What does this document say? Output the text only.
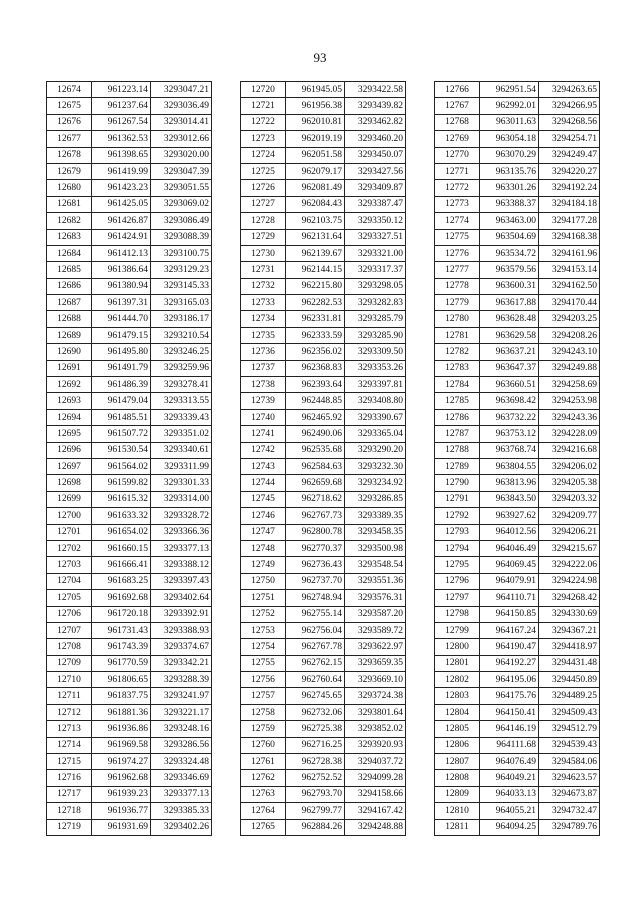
93
12674	961223.14	3293047.21
12675	961237.64	3293036.49
12676	961267.54	3293014.41
12677	961362.53	3293012.66
12678	961398.65	3293020.00
12679	961419.99	3293047.39
12680	961423.23	3293051.55
12681	961425.05	3293069.02
12682	961426.87	3293086.49
12683	961424.91	3293088.39
12684	961412.13	3293100.75
12685	961386.64	3293129.23
12686	961380.94	3293145.33
12687	961397.31	3293165.03
12688	961444.70	3293186.17
12689	961479.15	3293210.54
12690	961495.80	3293246.25
12691	961491.79	3293259.96
12692	961486.39	3293278.41
12693	961479.04	3293313.55
12694	961485.51	3293339.43
12695	961507.72	3293351.02
12696	961530.54	3293340.61
12697	961564.02	3293311.99
12698	961599.82	3293301.33
12699	961615.32	3293314.00
12700	961633.32	3293328.72
12701	961654.02	3293366.36
12702	961660.15	3293377.13
12703	961666.41	3293388.12
12704	961683.25	3293397.43
12705	961692.68	3293402.64
12706	961720.18	3293392.91
12707	961731.43	3293388.93
12708	961743.39	3293374.67
12709	961770.59	3293342.21
12710	961806.65	3293288.39
12711	961837.75	3293241.97
12712	961881.36	3293221.17
12713	961936.86	3293248.16
12714	961969.58	3293286.56
12715	961974.27	3293324.48
12716	961962.68	3293346.69
12717	961939.23	3293377.13
12718	961936.77	3293385.33
12719	961931.69	3293402.26
12720	961945.05	3293422.58
12721	961956.38	3293439.82
12722	962010.81	3293462.82
12723	962019.19	3293460.20
12724	962051.58	3293450.07
12725	962079.17	3293427.56
12726	962081.49	3293409.87
12727	962084.43	3293387.47
12728	962103.75	3293350.12
12729	962131.64	3293327.51
12730	962139.67	3293321.00
12731	962144.15	3293317.37
12732	962215.80	3293298.05
12733	962282.53	3293282.83
12734	962331.81	3293285.79
12735	962333.59	3293285.90
12736	962356.02	3293309.50
12737	962368.83	3293353.26
12738	962393.64	3293397.81
12739	962448.85	3293408.80
12740	962465.92	3293390.67
12741	962490.06	3293365.04
12742	962535.68	3293290.20
12743	962584.63	3293232.30
12744	962659.68	3293234.92
12745	962718.62	3293286.85
12746	962767.73	3293389.35
12747	962800.78	3293458.35
12748	962770.37	3293500.98
12749	962736.43	3293548.54
12750	962737.70	3293551.36
12751	962748.94	3293576.31
12752	962755.14	3293587.20
12753	962756.04	3293589.72
12754	962767.78	3293622.97
12755	962762.15	3293659.35
12756	962760.64	3293669.10
12757	962745.65	3293724.38
12758	962732.06	3293801.64
12759	962725.38	3293852.02
12760	962716.25	3293920.93
12761	962728.38	3294037.72
12762	962752.52	3294099.28
12763	962793.70	3294158.66
12764	962799.77	3294167.42
12765	962884.26	3294248.88
12766	962951.54	3294263.65
12767	962992.01	3294266.95
12768	963011.63	3294268.56
12769	963054.18	3294254.71
12770	963070.29	3294249.47
12771	963135.76	3294220.27
12772	963301.26	3294192.24
12773	963388.37	3294184.18
12774	963463.00	3294177.28
12775	963504.69	3294168.38
12776	963534.72	3294161.96
12777	963579.56	3294153.14
12778	963600.31	3294162.50
12779	963617.88	3294170.44
12780	963628.48	3294203.25
12781	963629.58	3294208.26
12782	963637.21	3294243.10
12783	963647.37	3294249.88
12784	963660.51	3294258.69
12785	963698.42	3294253.98
12786	963732.22	3294243.36
12787	963753.12	3294228.09
12788	963768.74	3294216.68
12789	963804.55	3294206.02
12790	963813.96	3294205.38
12791	963843.50	3294203.32
12792	963927.62	3294209.77
12793	964012.56	3294206.21
12794	964046.49	3294215.67
12795	964069.45	3294222.06
12796	964079.91	3294224.98
12797	964110.71	3294268.42
12798	964150.85	3294330.69
12799	964167.24	3294367.21
12800	964190.47	3294418.97
12801	964192.27	3294431.48
12802	964195.06	3294450.89
12803	964175.76	3294489.25
12804	964150.41	3294509.43
12805	964146.19	3294512.79
12806	964111.68	3294539.43
12807	964076.49	3294584.06
12808	964049.21	3294623.57
12809	964033.13	3294673.87
12810	964055.21	3294732.47
12811	964094.25	3294789.76
